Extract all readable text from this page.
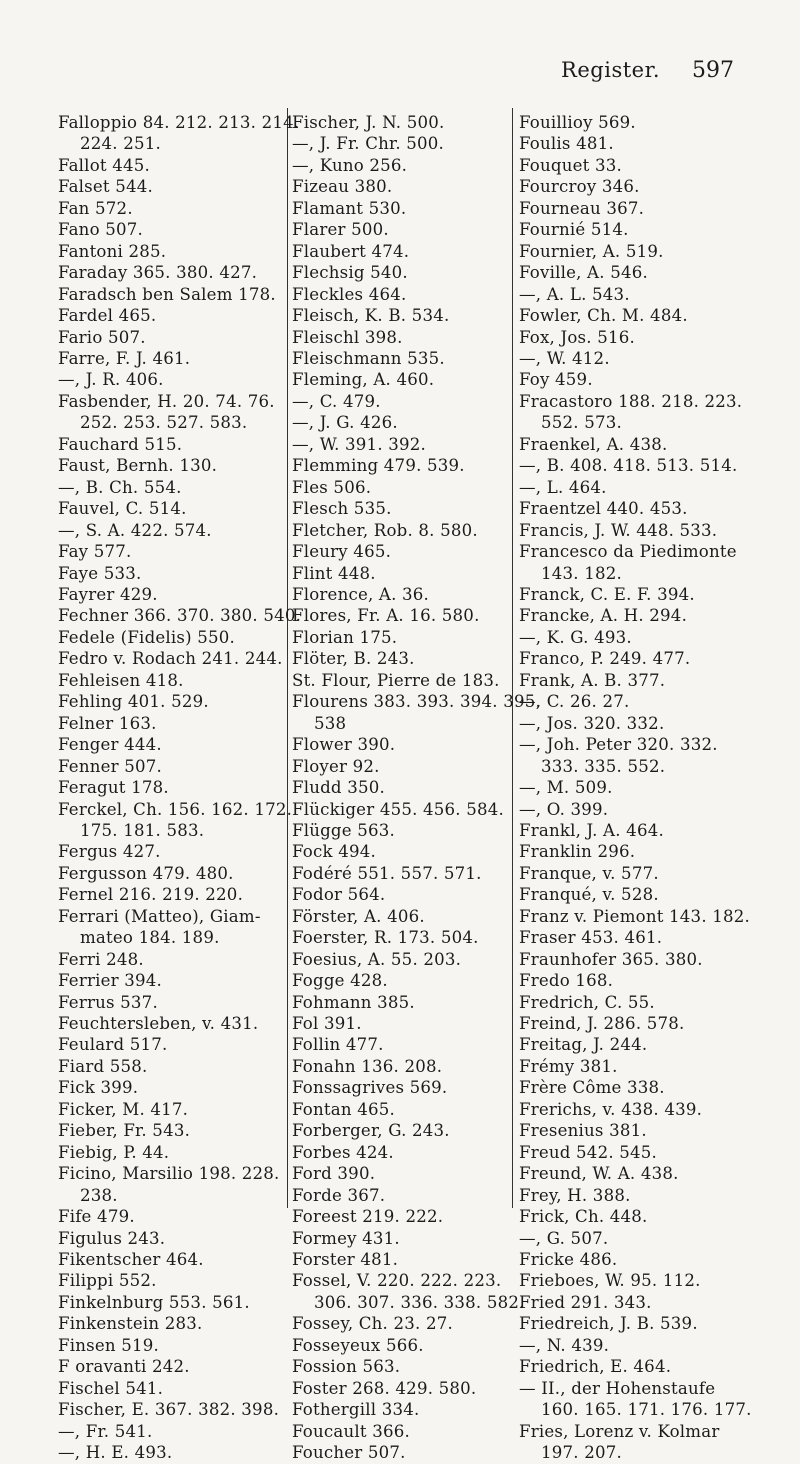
Register. 597
Falloppio 84. 212. 213. 214.
224. 251.
Fallot 445.
Falset 544.
Fan 572.
Fano 507.
Fantoni 285.
Faraday 365. 380. 427.
Faradsch ben Salem 178.
Fardel 465.
Fario 507.
Farre, F. J. 461.
—, J. R. 406.
Fasbender, H. 20. 74. 76.
252. 253. 527. 583.
Fauchard 515.
Faust, Bernh. 130.
—, B. Ch. 554.
Fauvel, C. 514.
—, S. A. 422. 574.
Fay 577.
Faye 533.
Fayrer 429.
Fechner 366. 370. 380. 540.
Fedele (Fidelis) 550.
Fedro v. Rodach 241. 244.
Fehleisen 418.
Fehling 401. 529.
Felner 163.
Fenger 444.
Fenner 507.
Feragut 178.
Ferckel, Ch. 156. 162. 172.
175. 181. 583.
Fergus 427.
Fergusson 479. 480.
Fernel 216. 219. 220.
Ferrari (Matteo), Giam-
mateo 184. 189.
Ferri 248.
Ferrier 394.
Ferrus 537.
Feuchtersleben, v. 431.
Feulard 517.
Fiard 558.
Fick 399.
Ficker, M. 417.
Fieber, Fr. 543.
Fiebig, P. 44.
Ficino, Marsilio 198. 228.
238.
Fife 479.
Figulus 243.
Fikentscher 464.
Filippi 552.
Finkelnburg 553. 561.
Finkenstein 283.
Finsen 519.
F oravanti 242.
Fischel 541.
Fischer, E. 367. 382. 398.
—, Fr. 541.
—, H. E. 493.
Fischer, J. N. 500.
—, J. Fr. Chr. 500.
—, Kuno 256.
Fizeau 380.
Flamant 530.
Flarer 500.
Flaubert 474.
Flechsig 540.
Fleckles 464.
Fleisch, K. B. 534.
Fleischl 398.
Fleischmann 535.
Fleming, A. 460.
—, C. 479.
—, J. G. 426.
—, W. 391. 392.
Flemming 479. 539.
Fles 506.
Flesch 535.
Fletcher, Rob. 8. 580.
Fleury 465.
Flint 448.
Florence, A. 36.
Flores, Fr. A. 16. 580.
Florian 175.
Flöter, B. 243.
St. Flour, Pierre de 183.
Flourens 383. 393. 394. 395.
538
Flower 390.
Floyer 92.
Fludd 350.
Flückiger 455. 456. 584.
Flügge 563.
Fock 494.
Fodéré 551. 557. 571.
Fodor 564.
Förster, A. 406.
Foerster, R. 173. 504.
Foesius, A. 55. 203.
Fogge 428.
Fohmann 385.
Fol 391.
Follin 477.
Fonahn 136. 208.
Fonssagrives 569.
Fontan 465.
Forberger, G. 243.
Forbes 424.
Ford 390.
Forde 367.
Foreest 219. 222.
Formey 431.
Forster 481.
Fossel, V. 220. 222. 223.
306. 307. 336. 338. 582.
Fossey, Ch. 23. 27.
Fosseyeux 566.
Fossion 563.
Foster 268. 429. 580.
Fothergill 334.
Foucault 366.
Foucher 507.
Fouillioy 569.
Foulis 481.
Fouquet 33.
Fourcroy 346.
Fourneau 367.
Fournié 514.
Fournier, A. 519.
Foville, A. 546.
—, A. L. 543.
Fowler, Ch. M. 484.
Fox, Jos. 516.
—, W. 412.
Foy 459.
Fracastoro 188. 218. 223.
552. 573.
Fraenkel, A. 438.
—, B. 408. 418. 513. 514.
—, L. 464.
Fraentzel 440. 453.
Francis, J. W. 448. 533.
Francesco da Piedimonte
143. 182.
Franck, C. E. F. 394.
Francke, A. H. 294.
—, K. G. 493.
Franco, P. 249. 477.
Frank, A. B. 377.
—, C. 26. 27.
—, Jos. 320. 332.
—, Joh. Peter 320. 332.
333. 335. 552.
—, M. 509.
—, O. 399.
Frankl, J. A. 464.
Franklin 296.
Franque, v. 577.
Franqué, v. 528.
Franz v. Piemont 143. 182.
Fraser 453. 461.
Fraunhofer 365. 380.
Fredo 168.
Fredrich, C. 55.
Freind, J. 286. 578.
Freitag, J. 244.
Frémy 381.
Frère Côme 338.
Frerichs, v. 438. 439.
Fresenius 381.
Freud 542. 545.
Freund, W. A. 438.
Frey, H. 388.
Frick, Ch. 448.
—, G. 507.
Fricke 486.
Frieboes, W. 95. 112.
Fried 291. 343.
Friedreich, J. B. 539.
—, N. 439.
Friedrich, E. 464.
— II., der Hohenstaufe
160. 165. 171. 176. 177.
Fries, Lorenz v. Kolmar
197. 207.
